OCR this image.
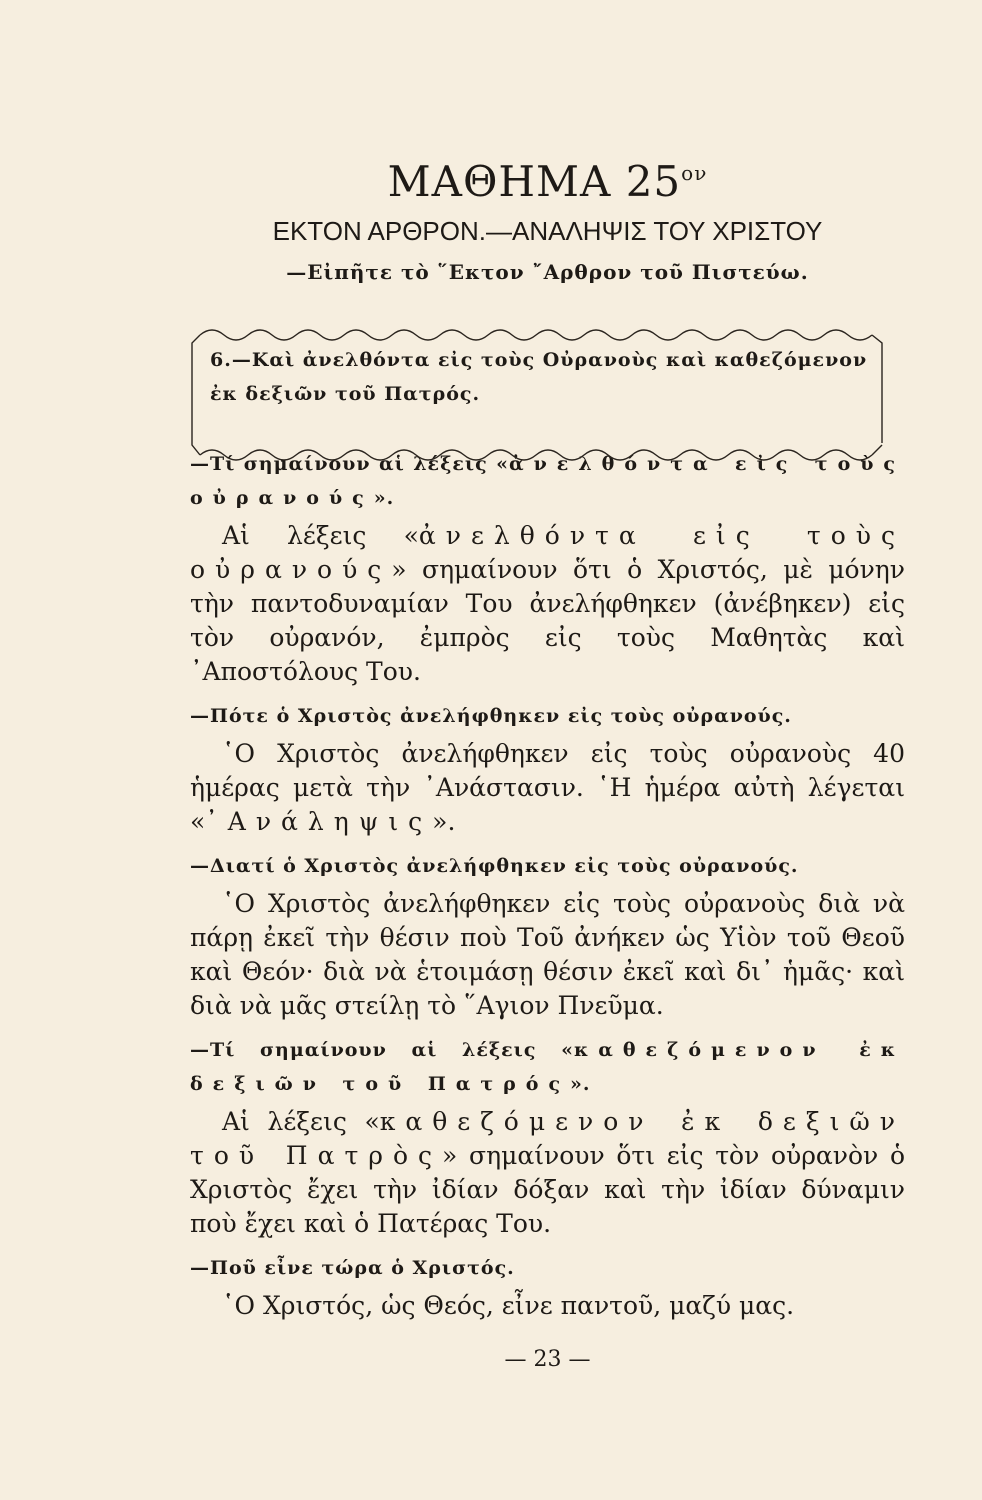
ΜΑΘΗΜΑ $25^{o\nu}$
ΕΚΤΟΝ ΑΡΘΡΟΝ.—ΑΝΑΛΗΨΙΣ ΤΟΥ ΧΡΙΣΤΟΥ
—Εἰπῆτε τὸ ῞Εκτον ῎Αρθρον τοῦ Πιστεύω.
6.—Καὶ ἀνελθόντα εἰς τοὺς Οὐρανοὺς καὶ καθεζόμενον ἐκ δεξιῶν τοῦ Πατρός.
—Τί σημαίνουν αἱ λέξεις «ἀνελθόντα εἰς τοὺς οὐρανούς».
Αἱ λέξεις «ἀνελθόντα εἰς τοὺς οὐρανούς» σημαίνουν ὅτι ὁ Χριστός, μὲ μόνην τὴν παντοδυναμίαν Του ἀνελήφθηκεν (ἀνέβηκεν) εἰς τὸν οὐρανόν, ἐμπρὸς εἰς τοὺς Μαθητὰς καὶ ᾿Αποστόλους Του.
—Πότε ὁ Χριστὸς ἀνελήφθηκεν εἰς τοὺς οὐρανούς.
῾Ο Χριστὸς ἀνελήφθηκεν εἰς τοὺς οὐρανοὺς 40 ἡμέρας μετὰ τὴν ᾿Ανάστασιν. ῾Η ἡμέρα αὐτὴ λέγεται «᾿Ανάληψις».
—Διατί ὁ Χριστὸς ἀνελήφθηκεν εἰς τοὺς οὐρανούς.
῾Ο Χριστὸς ἀνελήφθηκεν εἰς τοὺς οὐρανοὺς διὰ νὰ πάρῃ ἐκεῖ τὴν θέσιν ποὺ Τοῦ ἀνήκεν ὡς Υἱὸν τοῦ Θεοῦ καὶ Θεόν· διὰ νὰ ἑτοιμάσῃ θέσιν ἐκεῖ καὶ δι᾿ ἡμᾶς· καὶ διὰ νὰ μᾶς στείλῃ τὸ ῞Αγιον Πνεῦμα.
—Τί σημαίνουν αἱ λέξεις «καθεζόμενον ἐκ δεξιῶν τοῦ Πατρός».
Αἱ λέξεις «καθεζόμενον ἐκ δεξιῶν τοῦ Πατρὸς» σημαίνουν ὅτι εἰς τὸν οὐρανὸν ὁ Χριστὸς ἔχει τὴν ἰδίαν δόξαν καὶ τὴν ἰδίαν δύναμιν ποὺ ἔχει καὶ ὁ Πατέρας Του.
—Ποῦ εἶνε τώρα ὁ Χριστός.
῾Ο Χριστός, ὡς Θεός, εἶνε παντοῦ, μαζύ μας.
— 23 —
